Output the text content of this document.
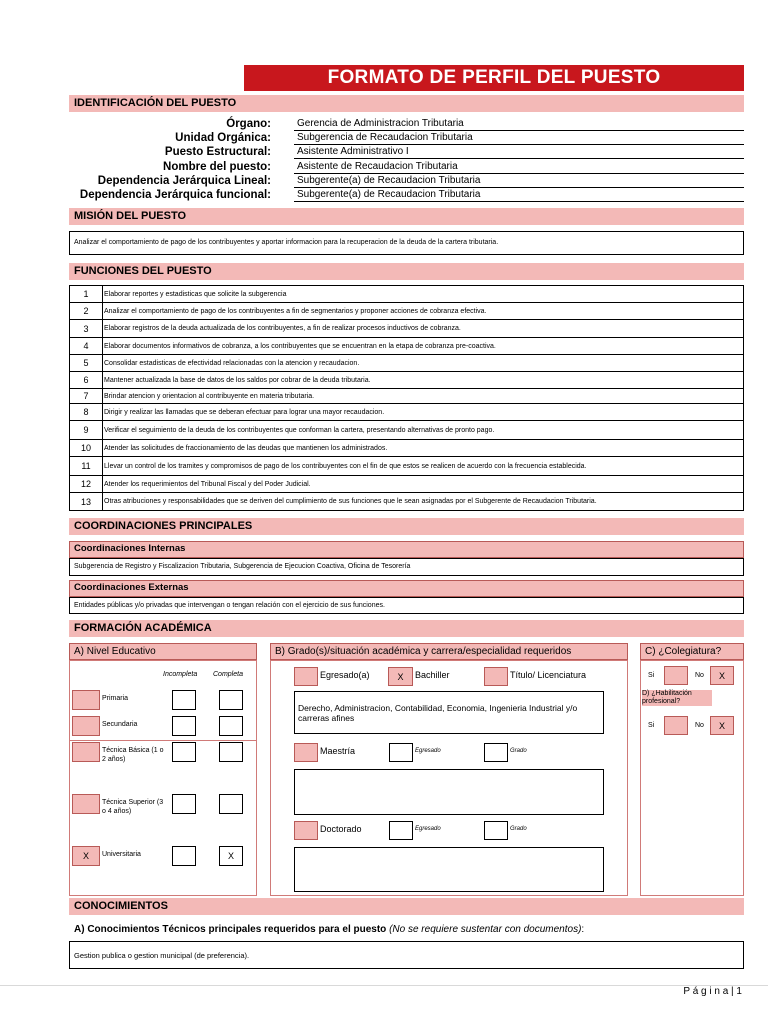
FORMATO DE PERFIL DEL PUESTO
IDENTIFICACIÓN DEL PUESTO
Órgano:	Gerencia de Administracion Tributaria
Unidad Orgánica:	Subgerencia de Recaudacion Tributaria
Puesto Estructural:	Asistente Administrativo I
Nombre del puesto:	Asistente de Recaudacion Tributaria
Dependencia Jerárquica Lineal:	Subgerente(a) de Recaudacion Tributaria
Dependencia Jerárquica funcional:	Subgerente(a) de Recaudacion Tributaria
MISIÓN DEL PUESTO
Analizar el comportamiento de pago de los contribuyentes y aportar informacion para la recuperacion de la deuda de la cartera tributaria.
FUNCIONES DEL PUESTO
1	Elaborar reportes y estadisticas que solicite la subgerencia
2	Analizar el comportamiento de pago de los contribuyentes a fin de segmentarios y proponer acciones de cobranza efectiva.
3	Elaborar registros de la deuda actualizada de los contribuyentes, a fin de realizar procesos inductivos de cobranza.
4	Elaborar documentos informativos de cobranza, a los contribuyentes que se encuentran en la etapa de cobranza pre-coactiva.
5	Consolidar estadisticas de efectividad relacionadas con la atencion y recaudacion.
6	Mantener actualizada la base de datos de los saldos por cobrar de la deuda tributaria.
7	Brindar atencion y orientacion al contribuyente en materia tributaria.
8	Dirigir y realizar las llamadas que se deberan efectuar para lograr una mayor recaudacion.
9	Verificar el seguimiento de la deuda de los contribuyentes que conforman la cartera, presentando alternativas de pronto pago.
10	Atender las solicitudes de fraccionamiento de las deudas que mantienen los administrados.
11	Llevar un control de los tramites y compromisos de pago de los contribuyentes con el fin de que estos se realicen de acuerdo con la frecuencia establecida.
12	Atender los requerimientos del Tribunal Fiscal y del Poder Judicial.
13	Otras atribuciones y responsabilidades que se deriven del cumplimiento de sus funciones que le sean asignadas por el Subgerente de Recaudacion Tributaria.
COORDINACIONES PRINCIPALES
Coordinaciones Internas
Subgerencia de Registro y Fiscalizacion Tributaria, Subgerencia de Ejecucion Coactiva, Oficina de Tesorería
Coordinaciones Externas
Entidades públicas y/o privadas que intervengan o tengan relación con el ejercicio de sus funciones.
FORMACIÓN ACADÉMICA
A) Nivel Educativo
Incompleta Completa
Primaria
Secundaria
Técnica Básica (1 o 2 años)
Técnica Superior (3 o 4 años)
X	Universitaria	X
B) Grado(s)/situación académica y carrera/especialidad requeridos
Egresado(a)	X	Bachiller	Título/ Licenciatura
Derecho, Administracion, Contabilidad, Economia, Ingenieria Industrial y/o carreras afines
Maestría	Egresado	Grado
Doctorado	Egresado	Grado
C) ¿Colegiatura?
Si	No	X
D) ¿Habilitación profesional?
Si	No	X
CONOCIMIENTOS
A) Conocimientos Técnicos principales requeridos para el puesto (No se requiere sustentar con documentos):
Gestion publica o gestion municipal (de preferencia).
P á g i n a | 1
